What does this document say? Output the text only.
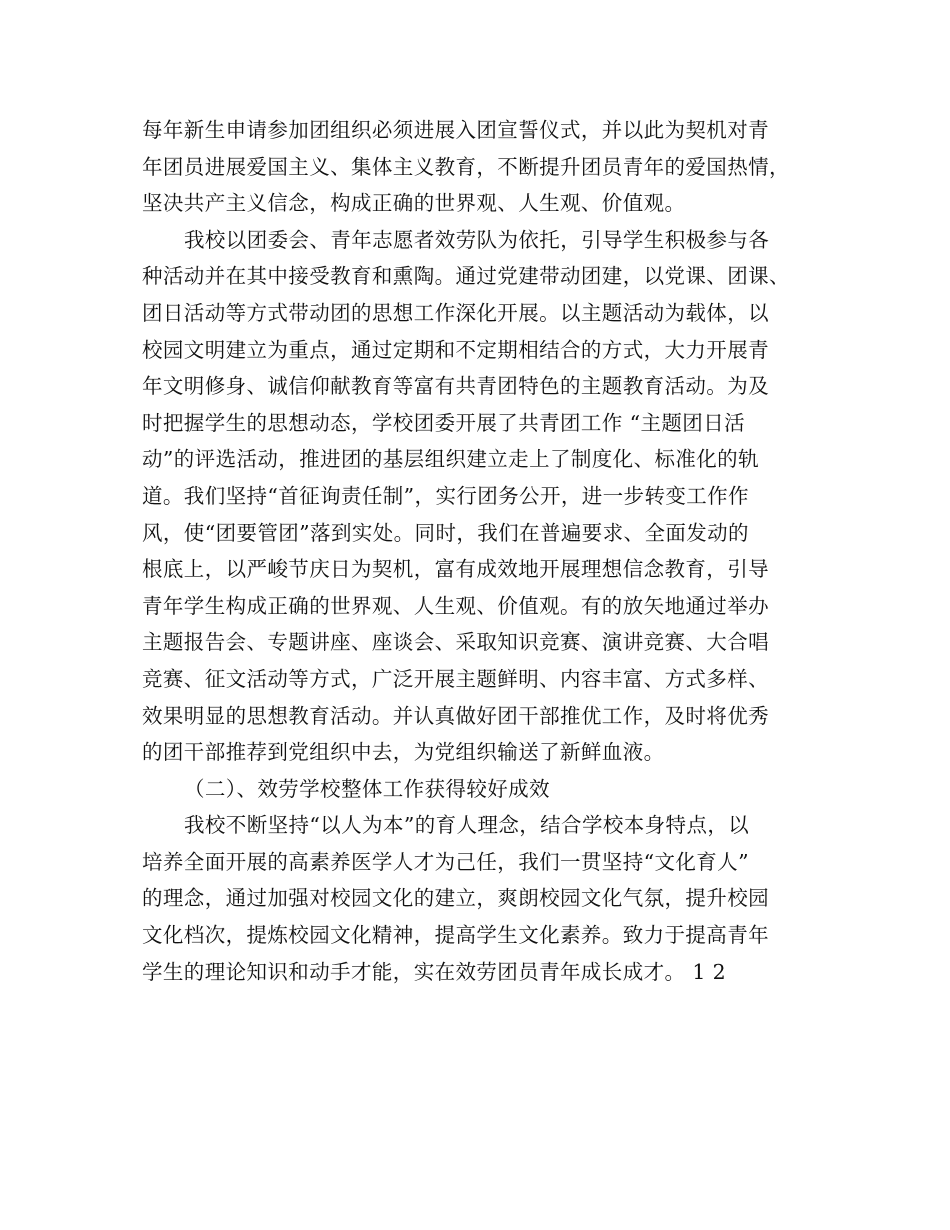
每年新生申请参加团组织必须进展入团宣誓仪式，并以此为契机对青
年团员进展爱国主义、集体主义教育，不断提升团员青年的爱国热情，
坚决共产主义信念，构成正确的世界观、人生观、价值观。
我校以团委会、青年志愿者效劳队为依托，引导学生积极参与各
种活动并在其中接受教育和熏陶。通过党建带动团建，以党课、团课、
团日活动等方式带动团的思想工作深化开展。以主题活动为载体，以
校园文明建立为重点，通过定期和不定期相结合的方式，大力开展青
年文明修身、诚信仰献教育等富有共青团特色的主题教育活动。为及
时把握学生的思想动态，学校团委开展了共青团工作 “主题团日活
动”的评选活动，推进团的基层组织建立走上了制度化、标准化的轨
道。我们坚持“首征询责任制”，实行团务公开，进一步转变工作作
风，使“团要管团”落到实处。同时，我们在普遍要求、全面发动的
根底上，以严峻节庆日为契机，富有成效地开展理想信念教育，引导
青年学生构成正确的世界观、人生观、价值观。有的放矢地通过举办
主题报告会、专题讲座、座谈会、采取知识竞赛、演讲竞赛、大合唱
竞赛、征文活动等方式，广泛开展主题鲜明、内容丰富、方式多样、
效果明显的思想教育活动。并认真做好团干部推优工作，及时将优秀
的团干部推荐到党组织中去，为党组织输送了新鲜血液。
（二）、效劳学校整体工作获得较好成效
我校不断坚持“以人为本”的育人理念，结合学校本身特点，以
培养全面开展的高素养医学人才为己任，我们一贯坚持“文化育人”
的理念，通过加强对校园文化的建立，爽朗校园文化气氛，提升校园
文化档次，提炼校园文化精神，提高学生文化素养。致力于提高青年
学生的理论知识和动手才能，实在效劳团员青年成长成才。 1 2
